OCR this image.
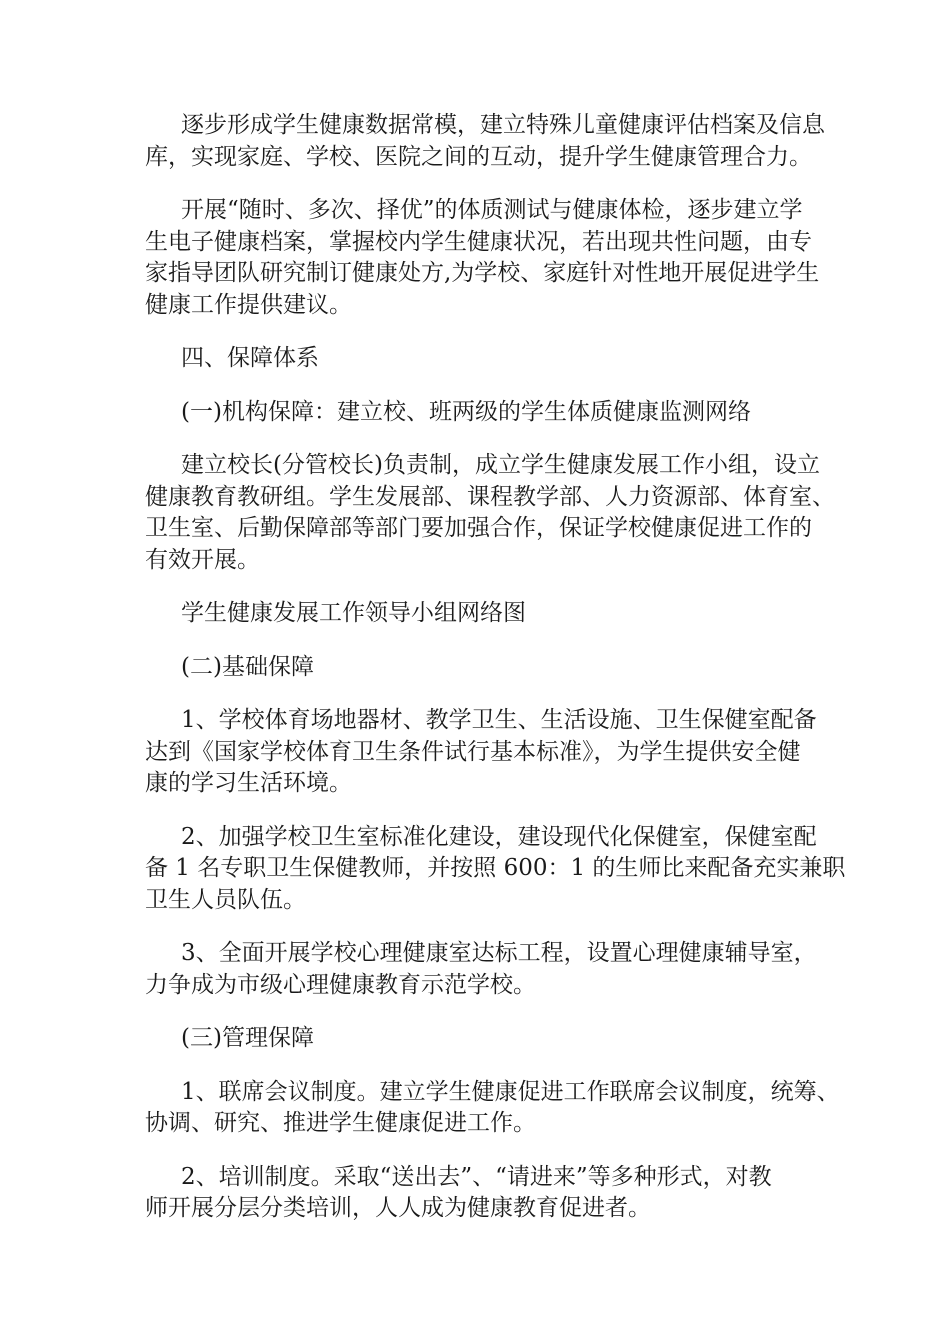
逐步形成学生健康数据常模，建立特殊儿童健康评估档案及信息
库，实现家庭、学校、医院之间的互动，提升学生健康管理合力。

开展“随时、多次、择优”的体质测试与健康体检，逐步建立学
生电子健康档案，掌握校内学生健康状况，若出现共性问题，由专
家指导团队研究制订健康处方,为学校、家庭针对性地开展促进学生
健康工作提供建议。

四、保障体系

(一)机构保障：建立校、班两级的学生体质健康监测网络

建立校长(分管校长)负责制，成立学生健康发展工作小组，设立
健康教育教研组。学生发展部、课程教学部、人力资源部、体育室、
卫生室、后勤保障部等部门要加强合作，保证学校健康促进工作的
有效开展。

学生健康发展工作领导小组网络图

(二)基础保障

1、学校体育场地器材、教学卫生、生活设施、卫生保健室配备
达到《国家学校体育卫生条件试行基本标准》，为学生提供安全健
康的学习生活环境。

2、加强学校卫生室标准化建设，建设现代化保健室，保健室配
备 1 名专职卫生保健教师，并按照 600：1 的生师比来配备充实兼职
卫生人员队伍。

3、全面开展学校心理健康室达标工程，设置心理健康辅导室，
力争成为市级心理健康教育示范学校。

(三)管理保障

1、联席会议制度。建立学生健康促进工作联席会议制度，统筹、
协调、研究、推进学生健康促进工作。

2、培训制度。采取“送出去”、“请进来”等多种形式，对教
师开展分层分类培训，人人成为健康教育促进者。
